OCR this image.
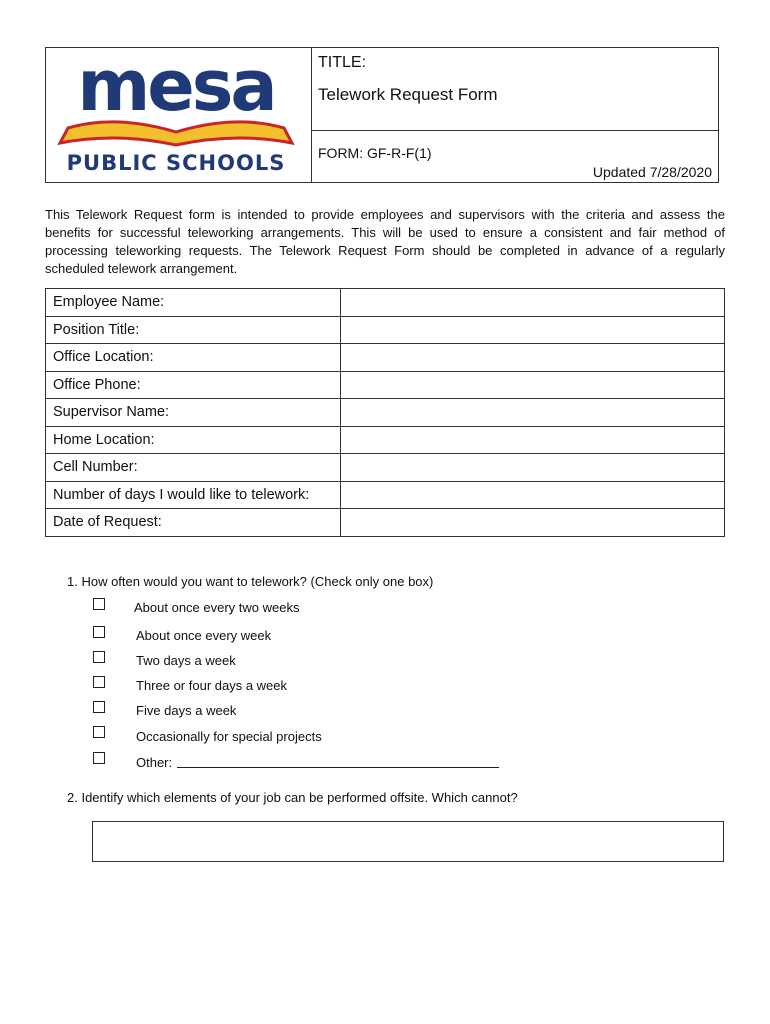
mesa
PUBLIC SCHOOLS
TITLE:
Telework Request Form
FORM: GF-R-F(1)
Updated 7/28/2020
This Telework Request form is intended to provide employees and supervisors with the criteria and assess the benefits for successful teleworking arrangements. This will be used to ensure a consistent and fair method of processing teleworking requests. The Telework Request Form should be completed in advance of a regularly scheduled telework arrangement.
Employee Name:	
Position Title:	
Office Location:	
Office Phone:	
Supervisor Name:	
Home Location:	
Cell Number:	
Number of days I would like to telework:	
Date of Request:	
1. How often would you want to telework? (Check only one box)
About once every two weeks
About once every week
Two days a week
Three or four days a week
Five days a week
Occasionally for special projects
Other:
2. Identify which elements of your job can be performed offsite. Which cannot?
